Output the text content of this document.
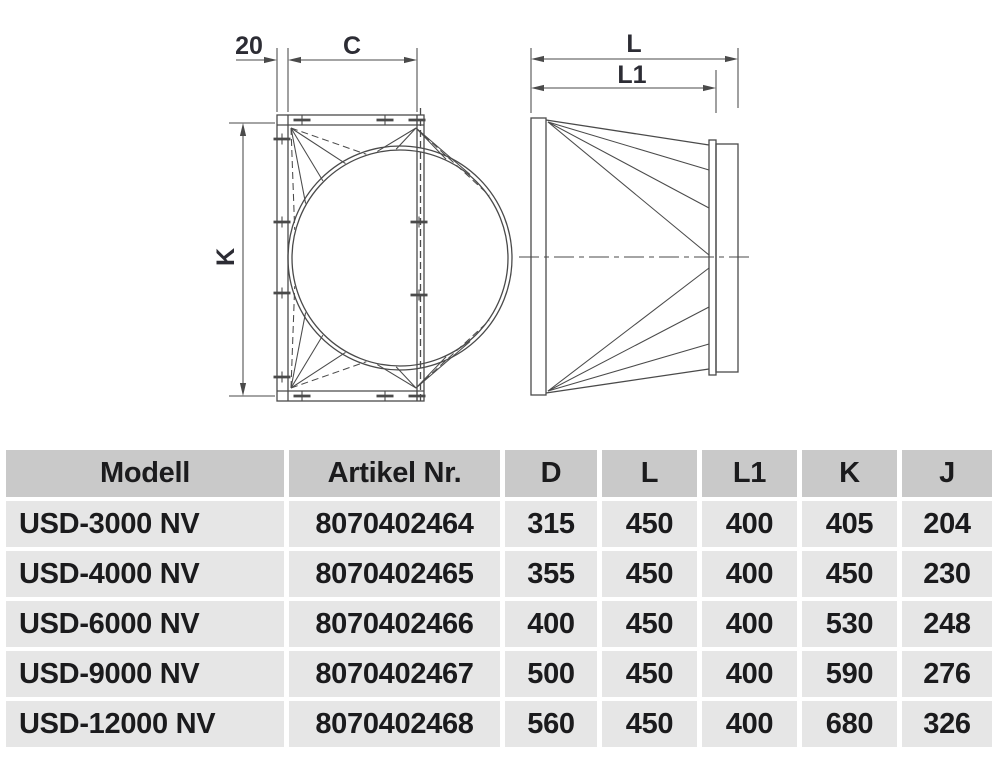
20	C
K
L
L1
Modell	Artikel Nr.	D	L	L1	K	J
USD-3000 NV	8070402464	315	450	400	405	204
USD-4000 NV	8070402465	355	450	400	450	230
USD-6000 NV	8070402466	400	450	400	530	248
USD-9000 NV	8070402467	500	450	400	590	276
USD-12000 NV	8070402468	560	450	400	680	326
